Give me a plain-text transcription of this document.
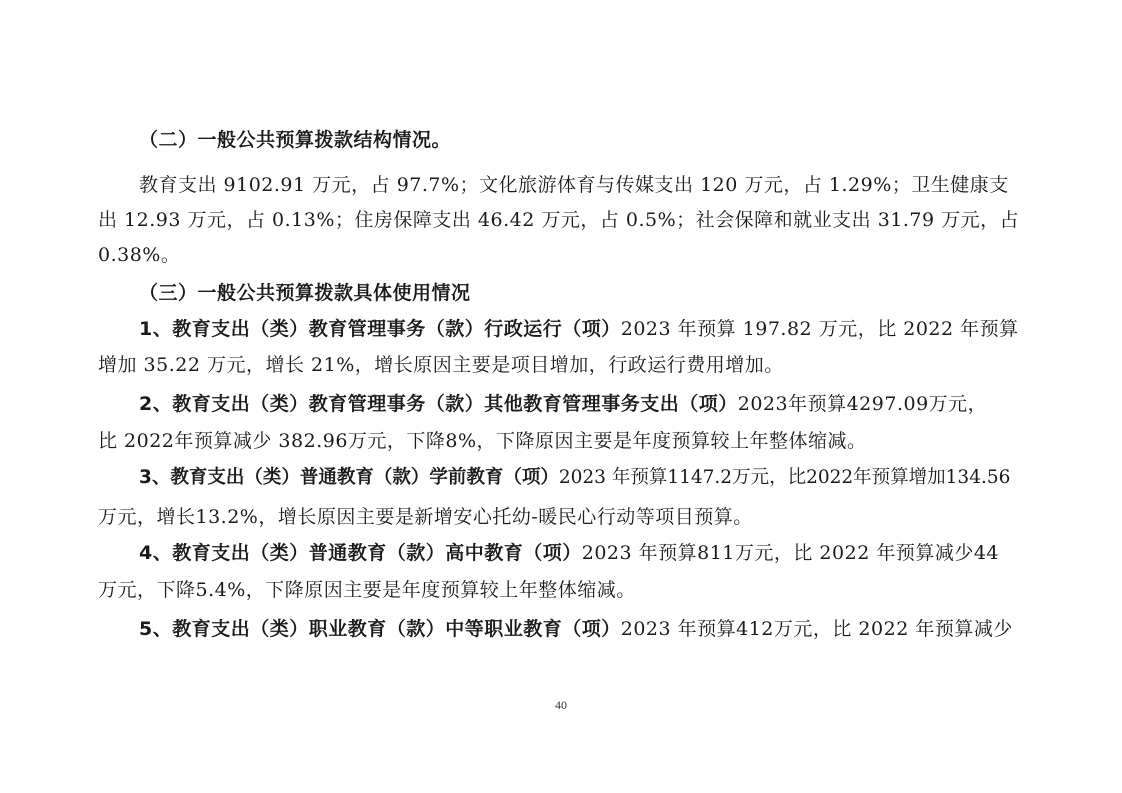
（二）一般公共预算拨款结构情况。
教育支出 9102.91 万元，占 97.7%；文化旅游体育与传媒支出 120 万元，占 1.29%；卫生健康支
出 12.93 万元，占 0.13%；住房保障支出 46.42 万元，占 0.5%；社会保障和就业支出 31.79 万元，占
0.38%。
（三）一般公共预算拨款具体使用情况
1、教育支出（类）教育管理事务（款）行政运行（项）2023 年预算 197.82 万元，比 2022 年预算
增加 35.22 万元，增长 21%，增长原因主要是项目增加，行政运行费用增加。
2、教育支出（类）教育管理事务（款）其他教育管理事务支出（项）2023年预算4297.09万元，
比 2022年预算减少 382.96万元，下降8%，下降原因主要是年度预算较上年整体缩减。
3、教育支出（类）普通教育（款）学前教育（项）2023 年预算1147.2万元，比2022年预算增加134.56
万元，增长13.2%，增长原因主要是新增安心托幼-暖民心行动等项目预算。
4、教育支出（类）普通教育（款）高中教育（项）2023 年预算811万元，比 2022 年预算减少44
万元，下降5.4%，下降原因主要是年度预算较上年整体缩减。
5、教育支出（类）职业教育（款）中等职业教育（项）2023 年预算412万元，比 2022 年预算减少
40
